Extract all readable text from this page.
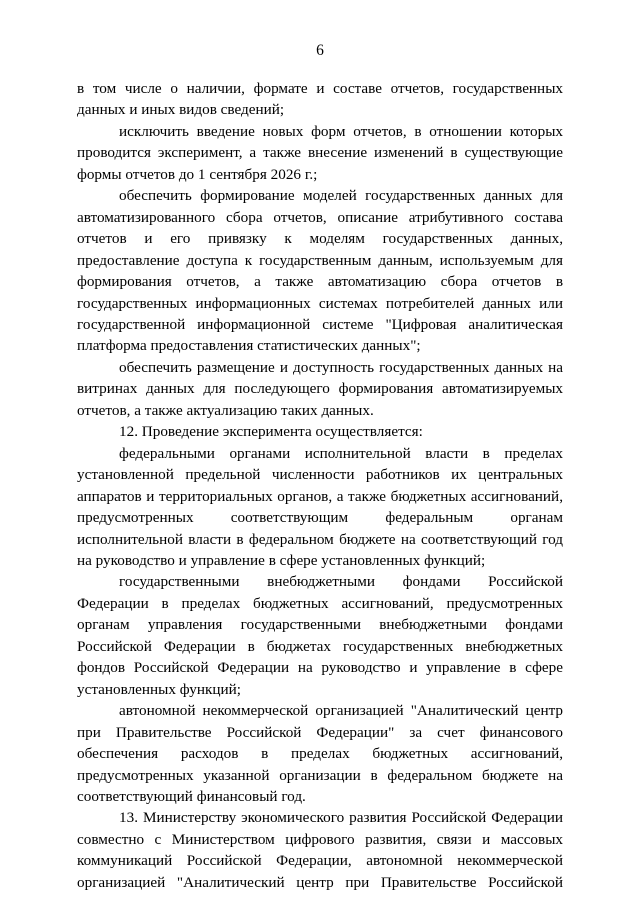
6

в том числе о наличии, формате и составе отчетов, государственных данных и иных видов сведений;

исключить введение новых форм отчетов, в отношении которых проводится эксперимент, а также внесение изменений в существующие формы отчетов до 1 сентября 2026 г.;

обеспечить формирование моделей государственных данных для автоматизированного сбора отчетов, описание атрибутивного состава отчетов и его привязку к моделям государственных данных, предоставление доступа к государственным данным, используемым для формирования отчетов, а также автоматизацию сбора отчетов в государственных информационных системах потребителей данных или государственной информационной системе "Цифровая аналитическая платформа предоставления статистических данных";

обеспечить размещение и доступность государственных данных на витринах данных для последующего формирования автоматизируемых отчетов, а также актуализацию таких данных.

12. Проведение эксперимента осуществляется:

федеральными органами исполнительной власти в пределах установленной предельной численности работников их центральных аппаратов и территориальных органов, а также бюджетных ассигнований, предусмотренных соответствующим федеральным органам исполнительной власти в федеральном бюджете на соответствующий год на руководство и управление в сфере установленных функций;

государственными внебюджетными фондами Российской Федерации в пределах бюджетных ассигнований, предусмотренных органам управления государственными внебюджетными фондами Российской Федерации в бюджетах государственных внебюджетных фондов Российской Федерации на руководство и управление в сфере установленных функций;

автономной некоммерческой организацией "Аналитический центр при Правительстве Российской Федерации" за счет финансового обеспечения расходов в пределах бюджетных ассигнований, предусмотренных указанной организации в федеральном бюджете на соответствующий финансовый год.

13. Министерству экономического развития Российской Федерации совместно с Министерством цифрового развития, связи и массовых коммуникаций Российской Федерации, автономной некоммерческой организацией "Аналитический центр при Правительстве Российской
